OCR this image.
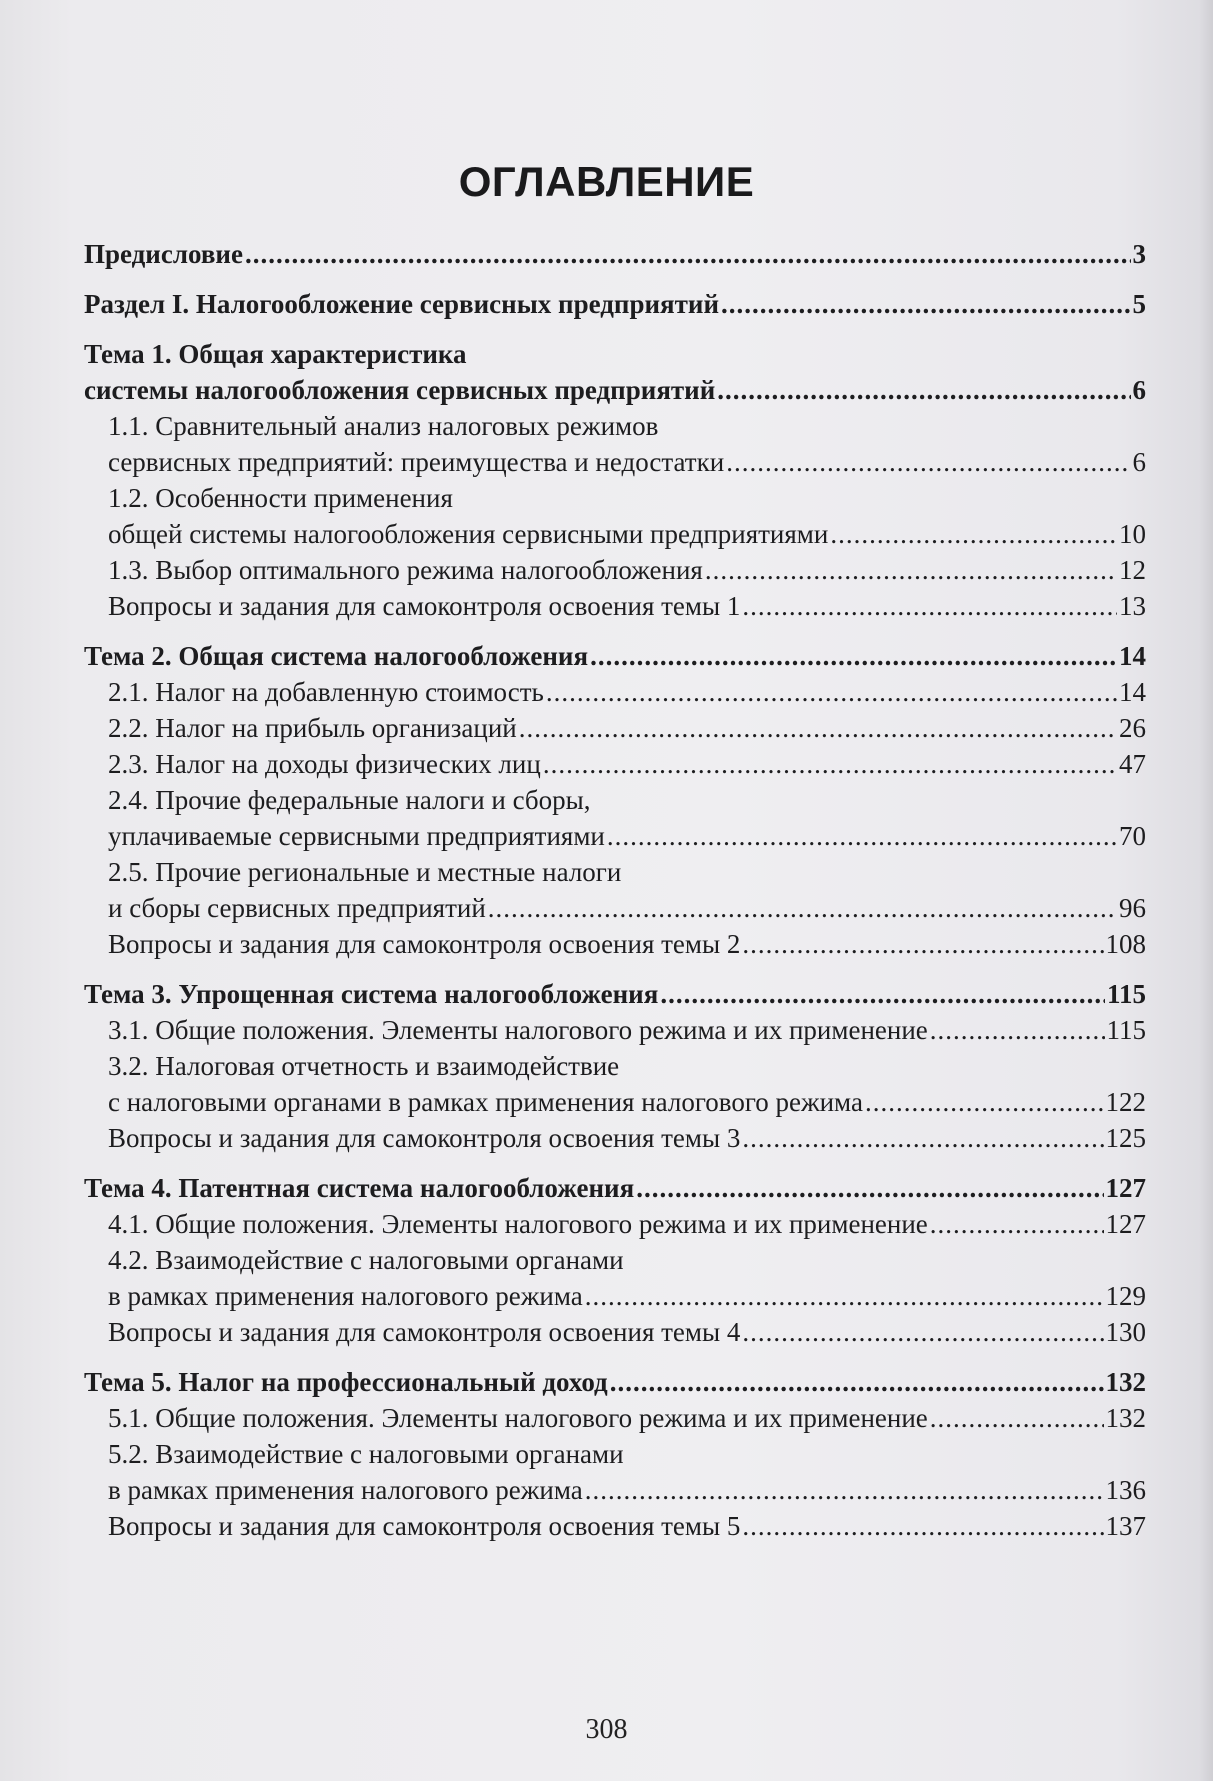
ОГЛАВЛЕНИЕ
Предисловие .....	3
Раздел I. Налогообложение сервисных предприятий .....	5
Тема 1. Общая характеристика
системы налогообложения сервисных предприятий .....	6
1.1. Сравнительный анализ налоговых режимов
сервисных предприятий: преимущества и недостатки .....	6
1.2. Особенности применения
общей системы налогообложения сервисными предприятиями .....	10
1.3. Выбор оптимального режима налогообложения .....	12
Вопросы и задания для самоконтроля освоения темы 1 .....	13
Тема 2. Общая система налогообложения .....	14
2.1. Налог на добавленную стоимость .....	14
2.2. Налог на прибыль организаций .....	26
2.3. Налог на доходы физических лиц .....	47
2.4. Прочие федеральные налоги и сборы,
уплачиваемые сервисными предприятиями .....	70
2.5. Прочие региональные и местные налоги
и сборы сервисных предприятий .....	96
Вопросы и задания для самоконтроля освоения темы 2 .....	108
Тема 3. Упрощенная система налогообложения .....	115
3.1. Общие положения. Элементы налогового режима и их применение .....	115
3.2. Налоговая отчетность и взаимодействие
с налоговыми органами в рамках применения налогового режима .....	122
Вопросы и задания для самоконтроля освоения темы 3 .....	125
Тема 4. Патентная система налогообложения .....	127
4.1. Общие положения. Элементы налогового режима и их применение .....	127
4.2. Взаимодействие с налоговыми органами
в рамках применения налогового режима .....	129
Вопросы и задания для самоконтроля освоения темы 4 .....	130
Тема 5. Налог на профессиональный доход .....	132
5.1. Общие положения. Элементы налогового режима и их применение .....	132
5.2. Взаимодействие с налоговыми органами
в рамках применения налогового режима .....	136
Вопросы и задания для самоконтроля освоения темы 5 .....	137
308
